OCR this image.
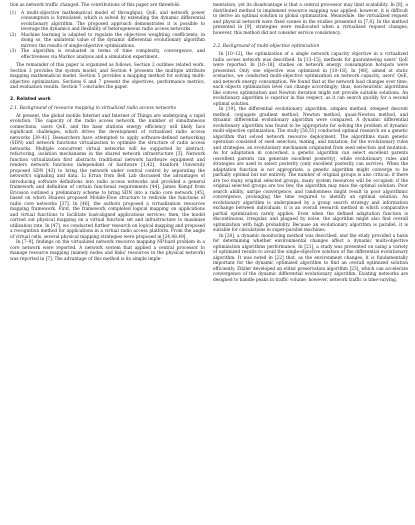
tion as network traffic changed. The contributions of this paper are threefold:

(1)	A multi-objective mathematical model of throughput, QoE, and network power consumption is formulated, which is solved by extending the dynamic differential evolutionary algorithm. The proposed approach demonstrates it is possible to leverage the dynamics and flexibility of heterogeneous radio access networks.
(2)	Machine learning is adapted to regulate the objectives weighting coefficients; in doing so, the unilateral value of the dynamic differential evolutionary algorithm mirrors the results of single-objective optimizations.
(3)	The algorithm is evaluated in terms of time complexity, convergence, and effectiveness via Markov analysis and a simulation experiment.

The remainder of this paper is organized as follows. Section 2 outlines related work. Section 3 provides the system model, and Section 4 presents the multiple attribute mapping mathematical model. Section 5 provides a mapping method for solving multi-objective optimization. Sections 6 and 7 present the objectives, performance metrics, and evaluation results. Section 7 concludes the paper.

2. Related work
2.1. Background of resource mapping in virtualized radio access networks

At present, the global mobile Internet and Internet of Things are undergoing a rapid evolution. The capacity of the radio access network, the number of simultaneous connections, users QoE, and the base stations energy efficiency will likely face significant challenges, which drives the development of virtualized radio access networks [39–41]. Researchers have attempted to apply software-defined networking (SDN) and network functions virtualization to optimize the structure of radio access networks. Multiple concurrent virtual networks will be supported by abstract, refactoring, isolation mechanisms in the shared network infrastructure [3]. Network function virtualization first abstracts traditional network hardware equipment and renders network functions independent of hardware [1,42]. Stanford University proposed SDN [43] to bring the network under central control by separating the network's signaling and data. Li Erran from Bell Lab discussed the advantages of introducing software definitions into radio access networks and provided a general framework and definition of certain functional requirements [44]. James Kempf from Ericsson outlined a preliminary scheme to bring SDN into a radio core network [45], based on which Huawei proposed Mobile-Flow structure to redivide the functions of radio core networks [37]. In [46], the authors proposed a virtualization resources mapping framework. First, the framework completed logical mapping on applications and virtual functions to facilitate load-aligned applications services; then, the model carried out physical mapping on a virtual function set and infrastructure to maximize utilization rate. In [47], we conducted further research on logical mapping and proposed a recognition method for applications in a virtual radio access platform. From the angle of virtual cells, several physical mapping strategies were proposed in [24,48,49].

In [7–9], findings on the virtualized network resource mapping NP-hard problem in a core network were reported. A network system that applied a central processor to manage resource mapping (namely nodes and links' resources in the physical network) was reported in [7]. The advantage of this method is its simple imple-

mentation, yet its disadvantage is that a central processor may limit scalability. In [8], a distributed method to implement resource mapping was applied; however, it is difficult to derive an optimal solution in global optimization. Meanwhile, the virtualized request and physical network were fixed scenes in the studies presented in [7,8]. In the method presented in [9], strategies were reallocated when a virtualized request changes; however, this method did not consider service consistency.

2.2. Background of multi-objective optimization

In [10–12], the optimization of a single network capacity objective in a virtualized radio access network was described. In [13–15], methods for guaranteeing users' QoE were reported. In [16–18], studies on network energy consumption hotspots were presented. Only one objective was optimized in [10–18]. In [48], aimed at static scenarios, we conducted multi-objective optimization on network capacity, users' QoE, and network energy consumption. We found that at the network load changes over time, each objects optimization level can change accordingly; thus, non-heuristic algorithms like convex optimization and Newton iteration might not provide suitable solutions. An evolutionary algorithm is superior in this respect, as it can search quickly for a second optimal solution.

In [19], the differential evolutionary algorithm, simplex method, steepest descent method, conjugate gradient method, Newton method, quasi-Newton method, and dynamic differential evolutionary algorithm were compared. A dynamic differential evolutionary algorithm was found to be appropriate for solving the problem of dynamic multi-objective optimization. The study [50,51] conducted optimal research on a genetic algorithm that solved network resource deployment. The algorithms main genetic operation consisted of seed selection, mating, and mutation; for the evolutionary rules and strategies, an evolutionary mechanism originated from seed selection and mutation. As for adaptation in concerned, a genetic algorithm can select excellent parents (excellent parents can generate excellent posterity), while evolutionary rules and strategies are used to select posterity (only excellent posterity can survive). When the adaptation function is not appropriate, a genetic algorithm might converge to be partially optimal but not entirely. The number of original groups is also critical: if there are too many original selected groups, many system resources will be occupied; if the original selected groups are too few, the algorithm may miss the optimal solution. Poor search ability, unripe convergence, and randomness might result in poor algorithmic convergence, prolonging the time required to identify an optimal solution. An evolutionary algorithm is underpinned by a group search strategy and information exchange between individuals; it is an overall research method in which comparative partial optimization rarely applies. Even when the defined adaptation function is discontinuous, irregular, and plagued by noise, the algorithm might also find overall optimization with high probability. Because an evolutionary algorithm is parallel, it is suitable for calculations in super-parallel machines.

In [20], a dynamic monitoring method was described, and the study provided a basis for determining whether environmental changes affect a dynamic multi-objective optimization algorithms performance. In [21], a study was presented on using a variety of optimized results to avoid the single-objective solution of the differential evolutionary algorithm. It was noted in [22] that, as the environment changes, it is fundamentally important for the dynamic optimized algorithm to find an overall optimized solution efficiently. Zitzler developed an elitist preservation algorithm [23], which can accelerate convergence of the dynamic differential evolutionary algorithm. Existing networks are designed to handle peaks in traffic volume; however, network traffic is time-varying,
